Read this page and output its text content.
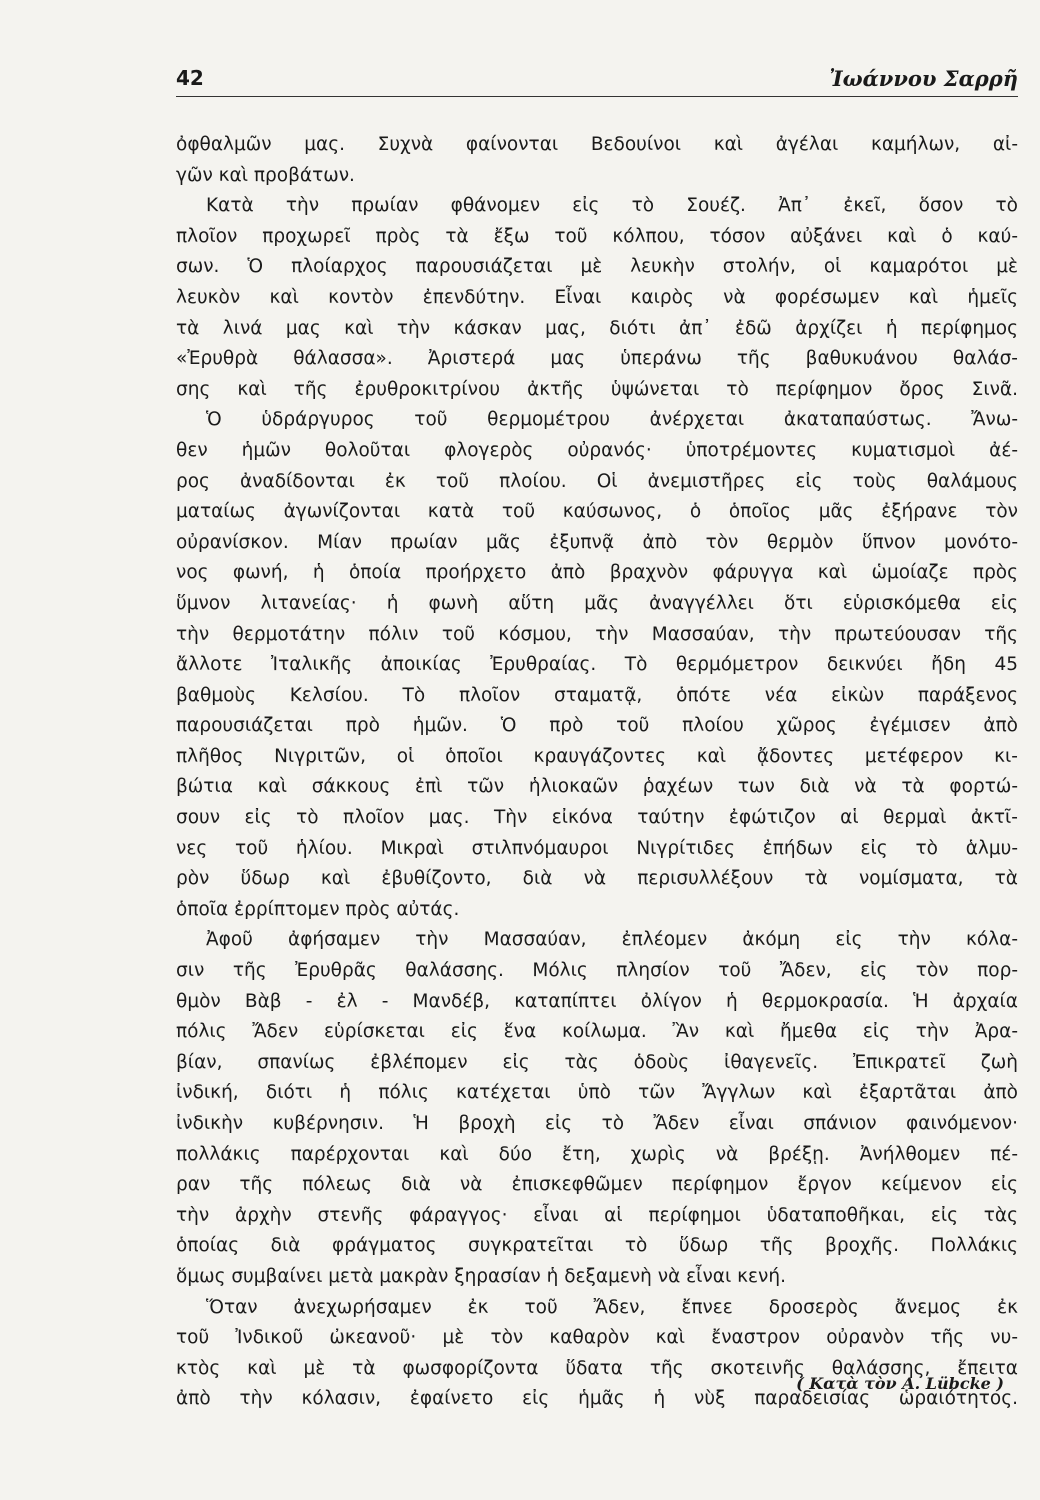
42	Ἰωάννου Σαρρῆ
ὀφθαλμῶν μας. Συχνὰ φαίνονται Βεδουίνοι καὶ ἀγέλαι καμήλων, αἰ-
γῶν καὶ προβάτων.
Κατὰ τὴν πρωίαν φθάνομεν εἰς τὸ Σουέζ. Ἀπ᾽ ἐκεῖ, ὅσον τὸ
πλοῖον προχωρεῖ πρὸς τὰ ἔξω τοῦ κόλπου, τόσον αὐξάνει καὶ ὁ καύ-
σων. Ὁ πλοίαρχος παρουσιάζεται μὲ λευκὴν στολήν, οἱ καμαρότοι μὲ
λευκὸν καὶ κοντὸν ἐπενδύτην. Εἶναι καιρὸς νὰ φορέσωμεν καὶ ἡμεῖς
τὰ λινά μας καὶ τὴν κάσκαν μας, διότι ἀπ᾽ ἐδῶ ἀρχίζει ἡ περίφημος
«Ἐρυθρὰ θάλασσα». Ἀριστερά μας ὑπεράνω τῆς βαθυκυάνου θαλάσ-
σης καὶ τῆς ἐρυθροκιτρίνου ἀκτῆς ὑψώνεται τὸ περίφημον ὄρος Σινᾶ.
Ὁ ὑδράργυρος τοῦ θερμομέτρου ἀνέρχεται ἀκαταπαύστως. Ἄνω-
θεν ἡμῶν θολοῦται φλογερὸς οὐρανός· ὑποτρέμοντες κυματισμοὶ ἀέ-
ρος ἀναδίδονται ἐκ τοῦ πλοίου. Οἱ ἀνεμιστῆρες εἰς τοὺς θαλάμους
ματαίως ἀγωνίζονται κατὰ τοῦ καύσωνος, ὁ ὁποῖος μᾶς ἐξήρανε τὸν
οὐρανίσκον. Μίαν πρωίαν μᾶς ἐξυπνᾷ ἀπὸ τὸν θερμὸν ὕπνον μονότο-
νος φωνή, ἡ ὁποία προήρχετο ἀπὸ βραχνὸν φάρυγγα καὶ ὡμοίαζε πρὸς
ὕμνον λιτανείας· ἡ φωνὴ αὕτη μᾶς ἀναγγέλλει ὅτι εὑρισκόμεθα εἰς
τὴν θερμοτάτην πόλιν τοῦ κόσμου, τὴν Μασσαύαν, τὴν πρωτεύουσαν τῆς
ἄλλοτε Ἰταλικῆς ἀποικίας Ἐρυθραίας. Τὸ θερμόμετρον δεικνύει ἤδη 45
βαθμοὺς Κελσίου. Τὸ πλοῖον σταματᾷ, ὁπότε νέα εἰκὼν παράξενος
παρουσιάζεται πρὸ ἡμῶν. Ὁ πρὸ τοῦ πλοίου χῶρος ἐγέμισεν ἀπὸ
πλῆθος Νιγριτῶν, οἱ ὁποῖοι κραυγάζοντες καὶ ᾄδοντες μετέφερον κι-
βώτια καὶ σάκκους ἐπὶ τῶν ἡλιοκαῶν ῥαχέων των διὰ νὰ τὰ φορτώ-
σουν εἰς τὸ πλοῖον μας. Τὴν εἰκόνα ταύτην ἐφώτιζον αἱ θερμαὶ ἀκτῖ-
νες τοῦ ἡλίου. Μικραὶ στιλπνόμαυροι Νιγρίτιδες ἐπήδων εἰς τὸ ἁλμυ-
ρὸν ὕδωρ καὶ ἐβυθίζοντο, διὰ νὰ περισυλλέξουν τὰ νομίσματα, τὰ
ὁποῖα ἐρρίπτομεν πρὸς αὐτάς.
Ἀφοῦ ἀφήσαμεν τὴν Μασσαύαν, ἐπλέομεν ἀκόμη εἰς τὴν κόλα-
σιν τῆς Ἐρυθρᾶς θαλάσσης. Μόλις πλησίον τοῦ Ἄδεν, εἰς τὸν πορ-
θμὸν Βὰβ - ἐλ - Μανδέβ, καταπίπτει ὀλίγον ἡ θερμοκρασία. Ἡ ἀρχαία
πόλις Ἄδεν εὑρίσκεται εἰς ἕνα κοίλωμα. Ἂν καὶ ἤμεθα εἰς τὴν Ἀρα-
βίαν, σπανίως ἐβλέπομεν εἰς τὰς ὁδοὺς ἰθαγενεῖς. Ἐπικρατεῖ ζωὴ
ἰνδική, διότι ἡ πόλις κατέχεται ὑπὸ τῶν Ἄγγλων καὶ ἐξαρτᾶται ἀπὸ
ἰνδικὴν κυβέρνησιν. Ἡ βροχὴ εἰς τὸ Ἄδεν εἶναι σπάνιον φαινόμενον·
πολλάκις παρέρχονται καὶ δύο ἔτη, χωρὶς νὰ βρέξῃ. Ἀνήλθομεν πέ-
ραν τῆς πόλεως διὰ νὰ ἐπισκεφθῶμεν περίφημον ἔργον κείμενον εἰς
τὴν ἀρχὴν στενῆς φάραγγος· εἶναι αἱ περίφημοι ὑδαταποθῆκαι, εἰς τὰς
ὁποίας διὰ φράγματος συγκρατεῖται τὸ ὕδωρ τῆς βροχῆς. Πολλάκις
ὅμως συμβαίνει μετὰ μακρὰν ξηρασίαν ἡ δεξαμενὴ νὰ εἶναι κενή.
Ὅταν ἀνεχωρήσαμεν ἐκ τοῦ Ἄδεν, ἔπνεε δροσερὸς ἄνεμος ἐκ
τοῦ Ἰνδικοῦ ὠκεανοῦ· μὲ τὸν καθαρὸν καὶ ἔναστρον οὐρανὸν τῆς νυ-
κτὸς καὶ μὲ τὰ φωσφορίζοντα ὕδατα τῆς σκοτεινῆς θαλάσσης, ἔπειτα
ἀπὸ τὴν κόλασιν, ἐφαίνετο εἰς ἡμᾶς ἡ νὺξ παραδεισίας ὡραιότητος.
( Κατὰ τὸν Α. Lübcke )
